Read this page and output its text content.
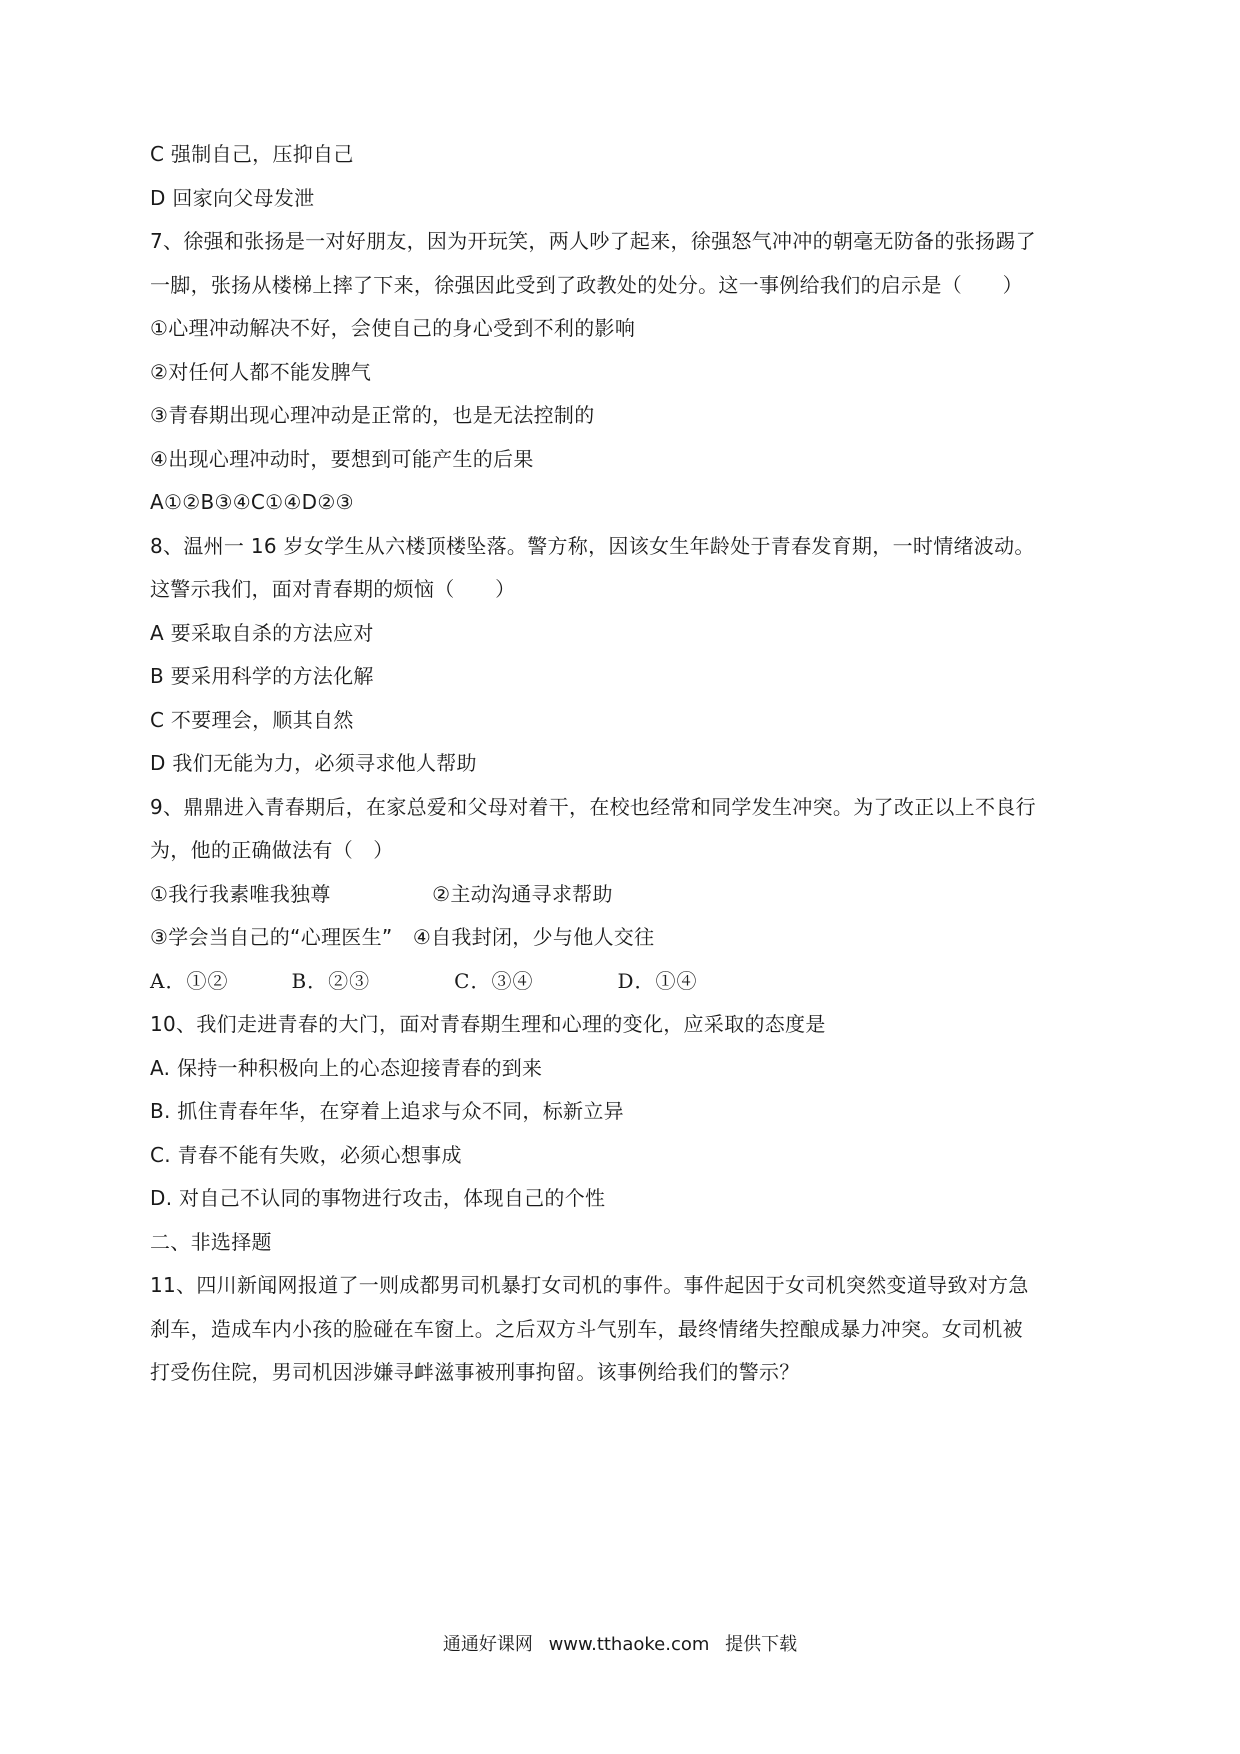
C 强制自己，压抑自己
D 回家向父母发泄
7、徐强和张扬是一对好朋友，因为开玩笑，两人吵了起来，徐强怒气冲冲的朝毫无防备的张扬踢了
一脚，张扬从楼梯上摔了下来，徐强因此受到了政教处的处分。这一事例给我们的启示是（　　）
①心理冲动解决不好，会使自己的身心受到不利的影响
②对任何人都不能发脾气
③青春期出现心理冲动是正常的，也是无法控制的
④出现心理冲动时，要想到可能产生的后果
A①②B③④C①④D②③
8、温州一 16 岁女学生从六楼顶楼坠落。警方称，因该女生年龄处于青春发育期，一时情绪波动。
这警示我们，面对青春期的烦恼（　　）
A 要采取自杀的方法应对
B 要采用科学的方法化解
C 不要理会，顺其自然
D 我们无能为力，必须寻求他人帮助
9、鼎鼎进入青春期后，在家总爱和父母对着干，在校也经常和同学发生冲突。为了改正以上不良行
为，他的正确做法有（　）
①我行我素唯我独尊　　　　　②主动沟通寻求帮助
③学会当自己的“心理医生”　④自我封闭，少与他人交往
A．①②　　　B．②③　　　　C．③④　　　　D．①④
10、我们走进青春的大门，面对青春期生理和心理的变化，应采取的态度是
A. 保持一种积极向上的心态迎接青春的到来
B. 抓住青春年华，在穿着上追求与众不同，标新立异
C. 青春不能有失败，必须心想事成
D. 对自己不认同的事物进行攻击，体现自己的个性
二、非选择题
11、四川新闻网报道了一则成都男司机暴打女司机的事件。事件起因于女司机突然变道导致对方急
刹车，造成车内小孩的脸碰在车窗上。之后双方斗气别车，最终情绪失控酿成暴力冲突。女司机被
打受伤住院，男司机因涉嫌寻衅滋事被刑事拘留。该事例给我们的警示？
通通好课网 www.tthaoke.com 提供下载
